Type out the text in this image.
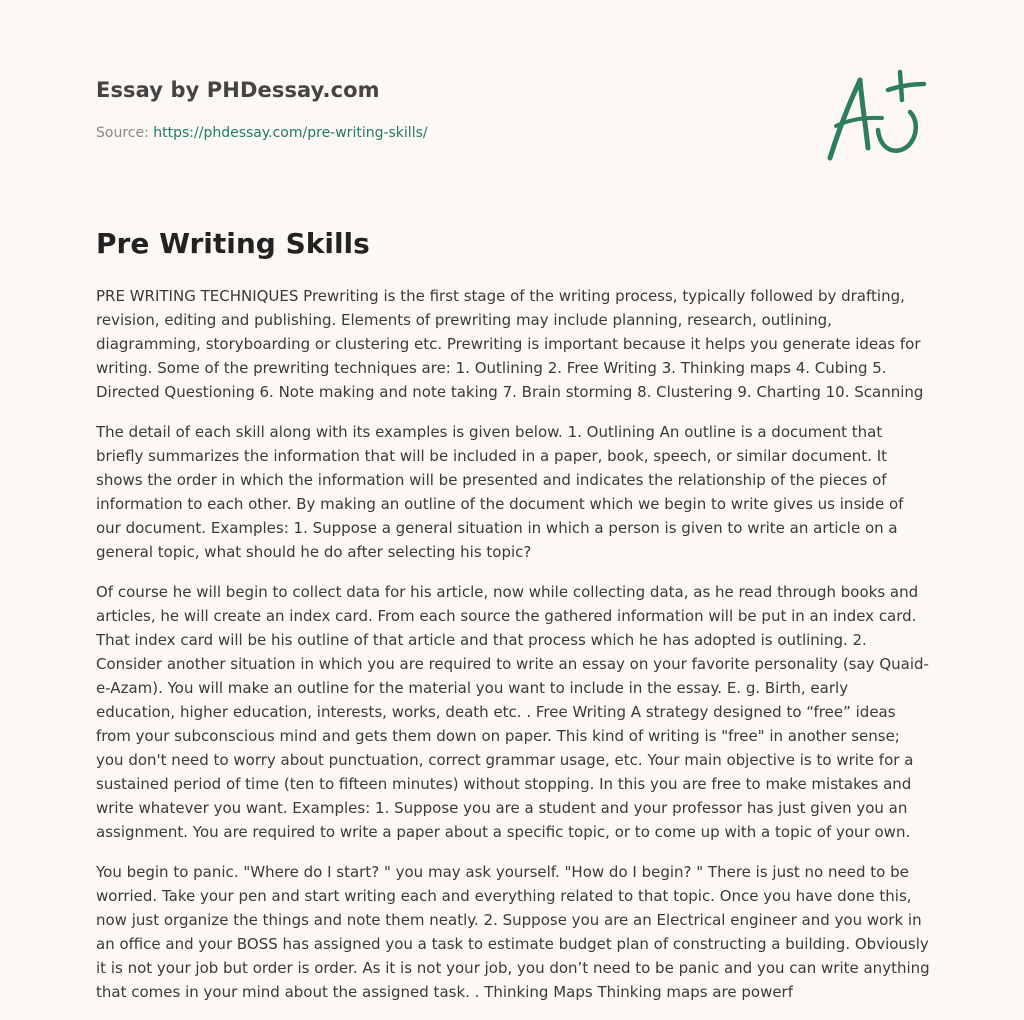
Essay by PHDessay.com
Source: https://phdessay.com/pre-writing-skills/
Pre Writing Skills

PRE WRITING TECHNIQUES Prewriting is the first stage of the writing process, typically followed by drafting, revision, editing and publishing. Elements of prewriting may include planning, research, outlining, diagramming, storyboarding or clustering etc. Prewriting is important because it helps you generate ideas for writing. Some of the prewriting techniques are: 1. Outlining 2. Free Writing 3. Thinking maps 4. Cubing 5. Directed Questioning 6. Note making and note taking 7. Brain storming 8. Clustering 9. Charting 10. Scanning

The detail of each skill along with its examples is given below. 1. Outlining An outline is a document that briefly summarizes the information that will be included in a paper, book, speech, or similar document. It shows the order in which the information will be presented and indicates the relationship of the pieces of information to each other. By making an outline of the document which we begin to write gives us inside of our document. Examples: 1. Suppose a general situation in which a person is given to write an article on a general topic, what should he do after selecting his topic?

Of course he will begin to collect data for his article, now while collecting data, as he read through books and articles, he will create an index card. From each source the gathered information will be put in an index card. That index card will be his outline of that article and that process which he has adopted is outlining. 2. Consider another situation in which you are required to write an essay on your favorite personality (say Quaid-e-Azam). You will make an outline for the material you want to include in the essay. E. g. Birth, early education, higher education, interests, works, death etc. . Free Writing A strategy designed to “free” ideas from your subconscious mind and gets them down on paper. This kind of writing is "free" in another sense; you don't need to worry about punctuation, correct grammar usage, etc. Your main objective is to write for a sustained period of time (ten to fifteen minutes) without stopping. In this you are free to make mistakes and write whatever you want. Examples: 1. Suppose you are a student and your professor has just given you an assignment. You are required to write a paper about a specific topic, or to come up with a topic of your own.

You begin to panic. "Where do I start? " you may ask yourself. "How do I begin? " There is just no need to be worried. Take your pen and start writing each and everything related to that topic. Once you have done this, now just organize the things and note them neatly. 2. Suppose you are an Electrical engineer and you work in an office and your BOSS has assigned you a task to estimate budget plan of constructing a building. Obviously it is not your job but order is order. As it is not your job, you don’t need to be panic and you can write anything that comes in your mind about the assigned task. . Thinking Maps Thinking maps are powerf
